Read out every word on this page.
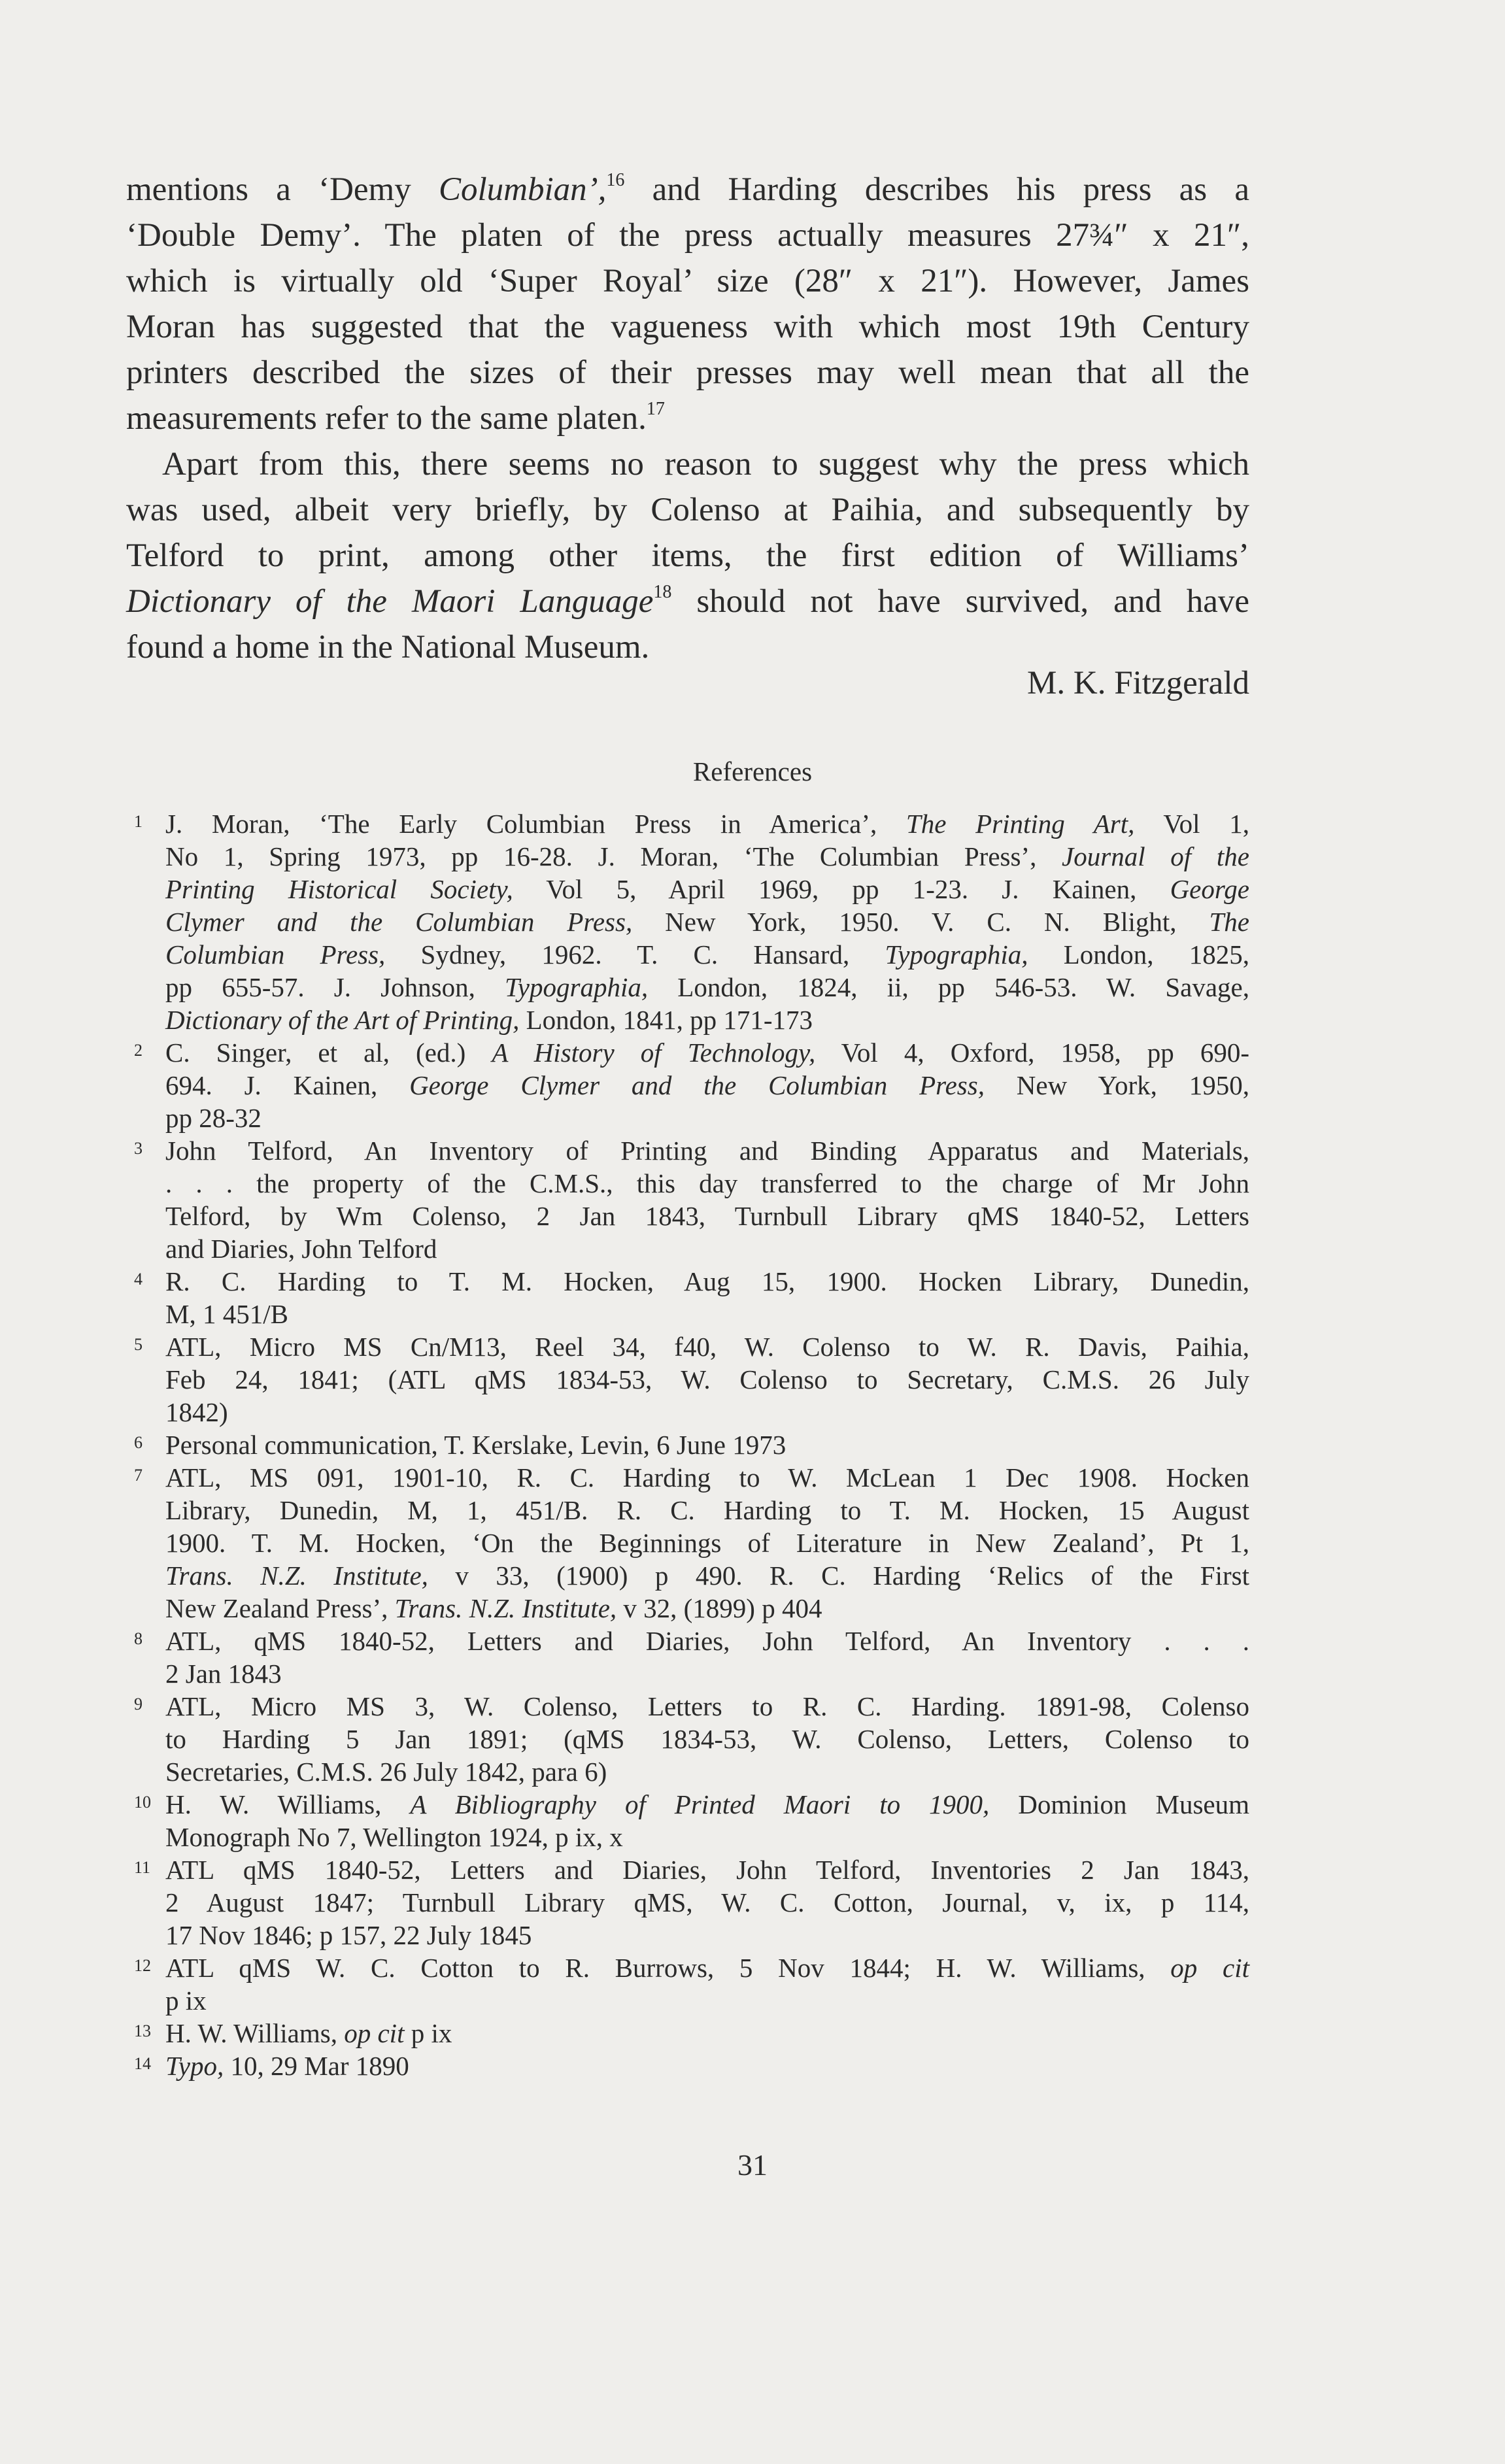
mentions a ‘Demy Columbian’,$^{16}$ and Harding describes his press as a
‘Double Demy’. The platen of the press actually measures 27¾″ x 21″,
which is virtually old ‘Super Royal’ size (28″ x 21″). However, James
Moran has suggested that the vagueness with which most 19th Century
printers described the sizes of their presses may well mean that all the
measurements refer to the same platen.$^{17}$
Apart from this, there seems no reason to suggest why the press which
was used, albeit very briefly, by Colenso at Paihia, and subsequently by
Telford to print, among other items, the first edition of Williams’
Dictionary of the Maori Language$^{18}$ should not have survived, and have
found a home in the National Museum.
M. K. Fitzgerald
References
1 J. Moran, ‘The Early Columbian Press in America’, The Printing Art, Vol 1,
No 1, Spring 1973, pp 16-28. J. Moran, ‘The Columbian Press’, Journal of the
Printing Historical Society, Vol 5, April 1969, pp 1-23. J. Kainen, George
Clymer and the Columbian Press, New York, 1950. V. C. N. Blight, The
Columbian Press, Sydney, 1962. T. C. Hansard, Typographia, London, 1825,
pp 655-57. J. Johnson, Typographia, London, 1824, ii, pp 546-53. W. Savage,
Dictionary of the Art of Printing, London, 1841, pp 171-173
2 C. Singer, et al, (ed.) A History of Technology, Vol 4, Oxford, 1958, pp 690-
694. J. Kainen, George Clymer and the Columbian Press, New York, 1950,
pp 28-32
3 John Telford, An Inventory of Printing and Binding Apparatus and Materials,
. . . the property of the C.M.S., this day transferred to the charge of Mr John
Telford, by Wm Colenso, 2 Jan 1843, Turnbull Library qMS 1840-52, Letters
and Diaries, John Telford
4 R. C. Harding to T. M. Hocken, Aug 15, 1900. Hocken Library, Dunedin,
M, 1 451/B
5 ATL, Micro MS Cn/M13, Reel 34, f40, W. Colenso to W. R. Davis, Paihia,
Feb 24, 1841; (ATL qMS 1834-53, W. Colenso to Secretary, C.M.S. 26 July
1842)
6 Personal communication, T. Kerslake, Levin, 6 June 1973
7 ATL, MS 091, 1901-10, R. C. Harding to W. McLean 1 Dec 1908. Hocken
Library, Dunedin, M, 1, 451/B. R. C. Harding to T. M. Hocken, 15 August
1900. T. M. Hocken, ‘On the Beginnings of Literature in New Zealand’, Pt 1,
Trans. N.Z. Institute, v 33, (1900) p 490. R. C. Harding ‘Relics of the First
New Zealand Press’, Trans. N.Z. Institute, v 32, (1899) p 404
8 ATL, qMS 1840-52, Letters and Diaries, John Telford, An Inventory . . .
2 Jan 1843
9 ATL, Micro MS 3, W. Colenso, Letters to R. C. Harding. 1891-98, Colenso
to Harding 5 Jan 1891; (qMS 1834-53, W. Colenso, Letters, Colenso to
Secretaries, C.M.S. 26 July 1842, para 6)
10 H. W. Williams, A Bibliography of Printed Maori to 1900, Dominion Museum
Monograph No 7, Wellington 1924, p ix, x
11 ATL qMS 1840-52, Letters and Diaries, John Telford, Inventories 2 Jan 1843,
2 August 1847; Turnbull Library qMS, W. C. Cotton, Journal, v, ix, p 114,
17 Nov 1846; p 157, 22 July 1845
12 ATL qMS W. C. Cotton to R. Burrows, 5 Nov 1844; H. W. Williams, op cit
p ix
13 H. W. Williams, op cit p ix
14 Typo, 10, 29 Mar 1890
31
